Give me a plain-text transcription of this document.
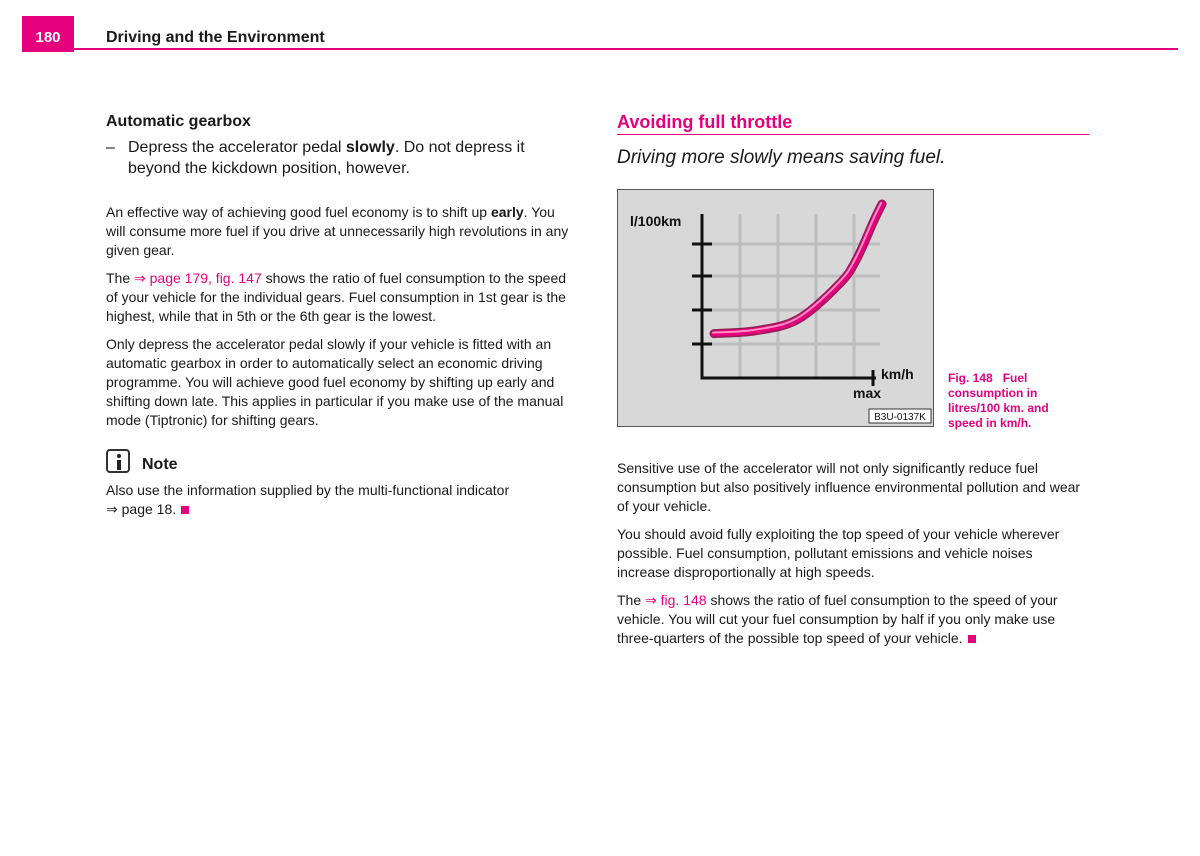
180	Driving and the Environment
Automatic gearbox
– Depress the accelerator pedal slowly. Do not depress it beyond the kickdown position, however.

An effective way of achieving good fuel economy is to shift up early. You will consume more fuel if you drive at unnecessarily high revolutions in any given gear.

The ⇒ page 179, fig. 147 shows the ratio of fuel consumption to the speed of your vehicle for the individual gears. Fuel consumption in 1st gear is the highest, while that in 5th or the 6th gear is the lowest.

Only depress the accelerator pedal slowly if your vehicle is fitted with an automatic gearbox in order to automatically select an economic driving programme. You will achieve good fuel economy by shifting up early and shifting down late. This applies in particular if you make use of the manual mode (Tiptronic) for shifting gears.

Note

Also use the information supplied by the multi-functional indicator
⇒ page 18.

Avoiding full throttle
Driving more slowly means saving fuel.
l/100km
km/h
max
B3U-0137K
Fig. 148 Fuel consumption in litres/100 km. and speed in km/h.

Sensitive use of the accelerator will not only significantly reduce fuel consumption but also positively influence environmental pollution and wear of your vehicle.

You should avoid fully exploiting the top speed of your vehicle wherever possible. Fuel consumption, pollutant emissions and vehicle noises increase disproportionally at high speeds.

The ⇒ fig. 148 shows the ratio of fuel consumption to the speed of your vehicle. You will cut your fuel consumption by half if you only make use three-quarters of the possible top speed of your vehicle.
